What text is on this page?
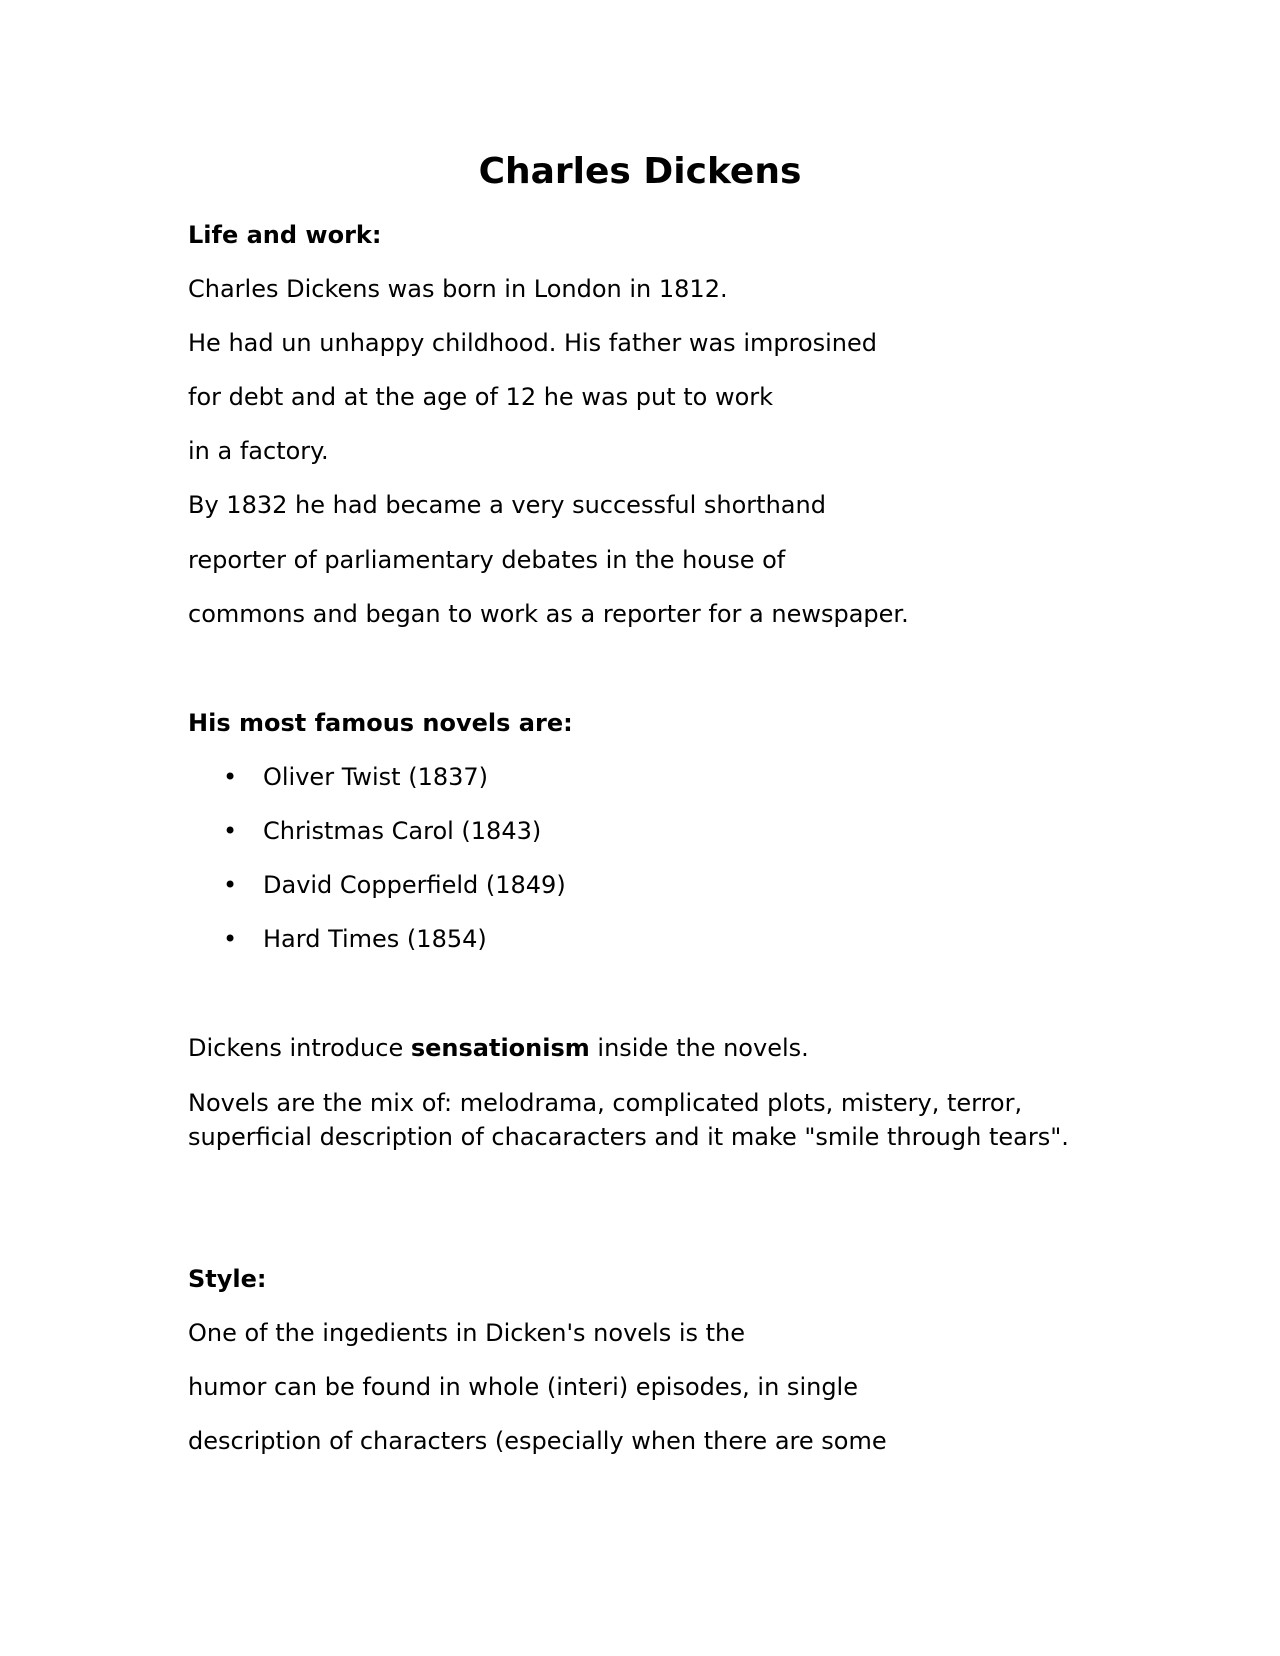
Charles Dickens
Life and work:
Charles Dickens was born in London in 1812.
He had un unhappy childhood. His father was improsined
for debt and at the age of 12 he was put to work
in a factory.
By 1832 he had became a very successful shorthand
reporter of parliamentary debates in the house of
commons and began to work as a reporter for a newspaper.
His most famous novels are:
• Oliver Twist (1837)
• Christmas Carol (1843)
• David Copperfield (1849)
• Hard Times (1854)
Dickens introduce sensationism inside the novels.

Novels are the mix of: melodrama, complicated plots, mistery, terror, superficial description of chacaracters and it make "smile through tears".

Style:
One of the ingedients in Dicken's novels is the
humor can be found in whole (interi) episodes, in single
description of characters (especially when there are some
